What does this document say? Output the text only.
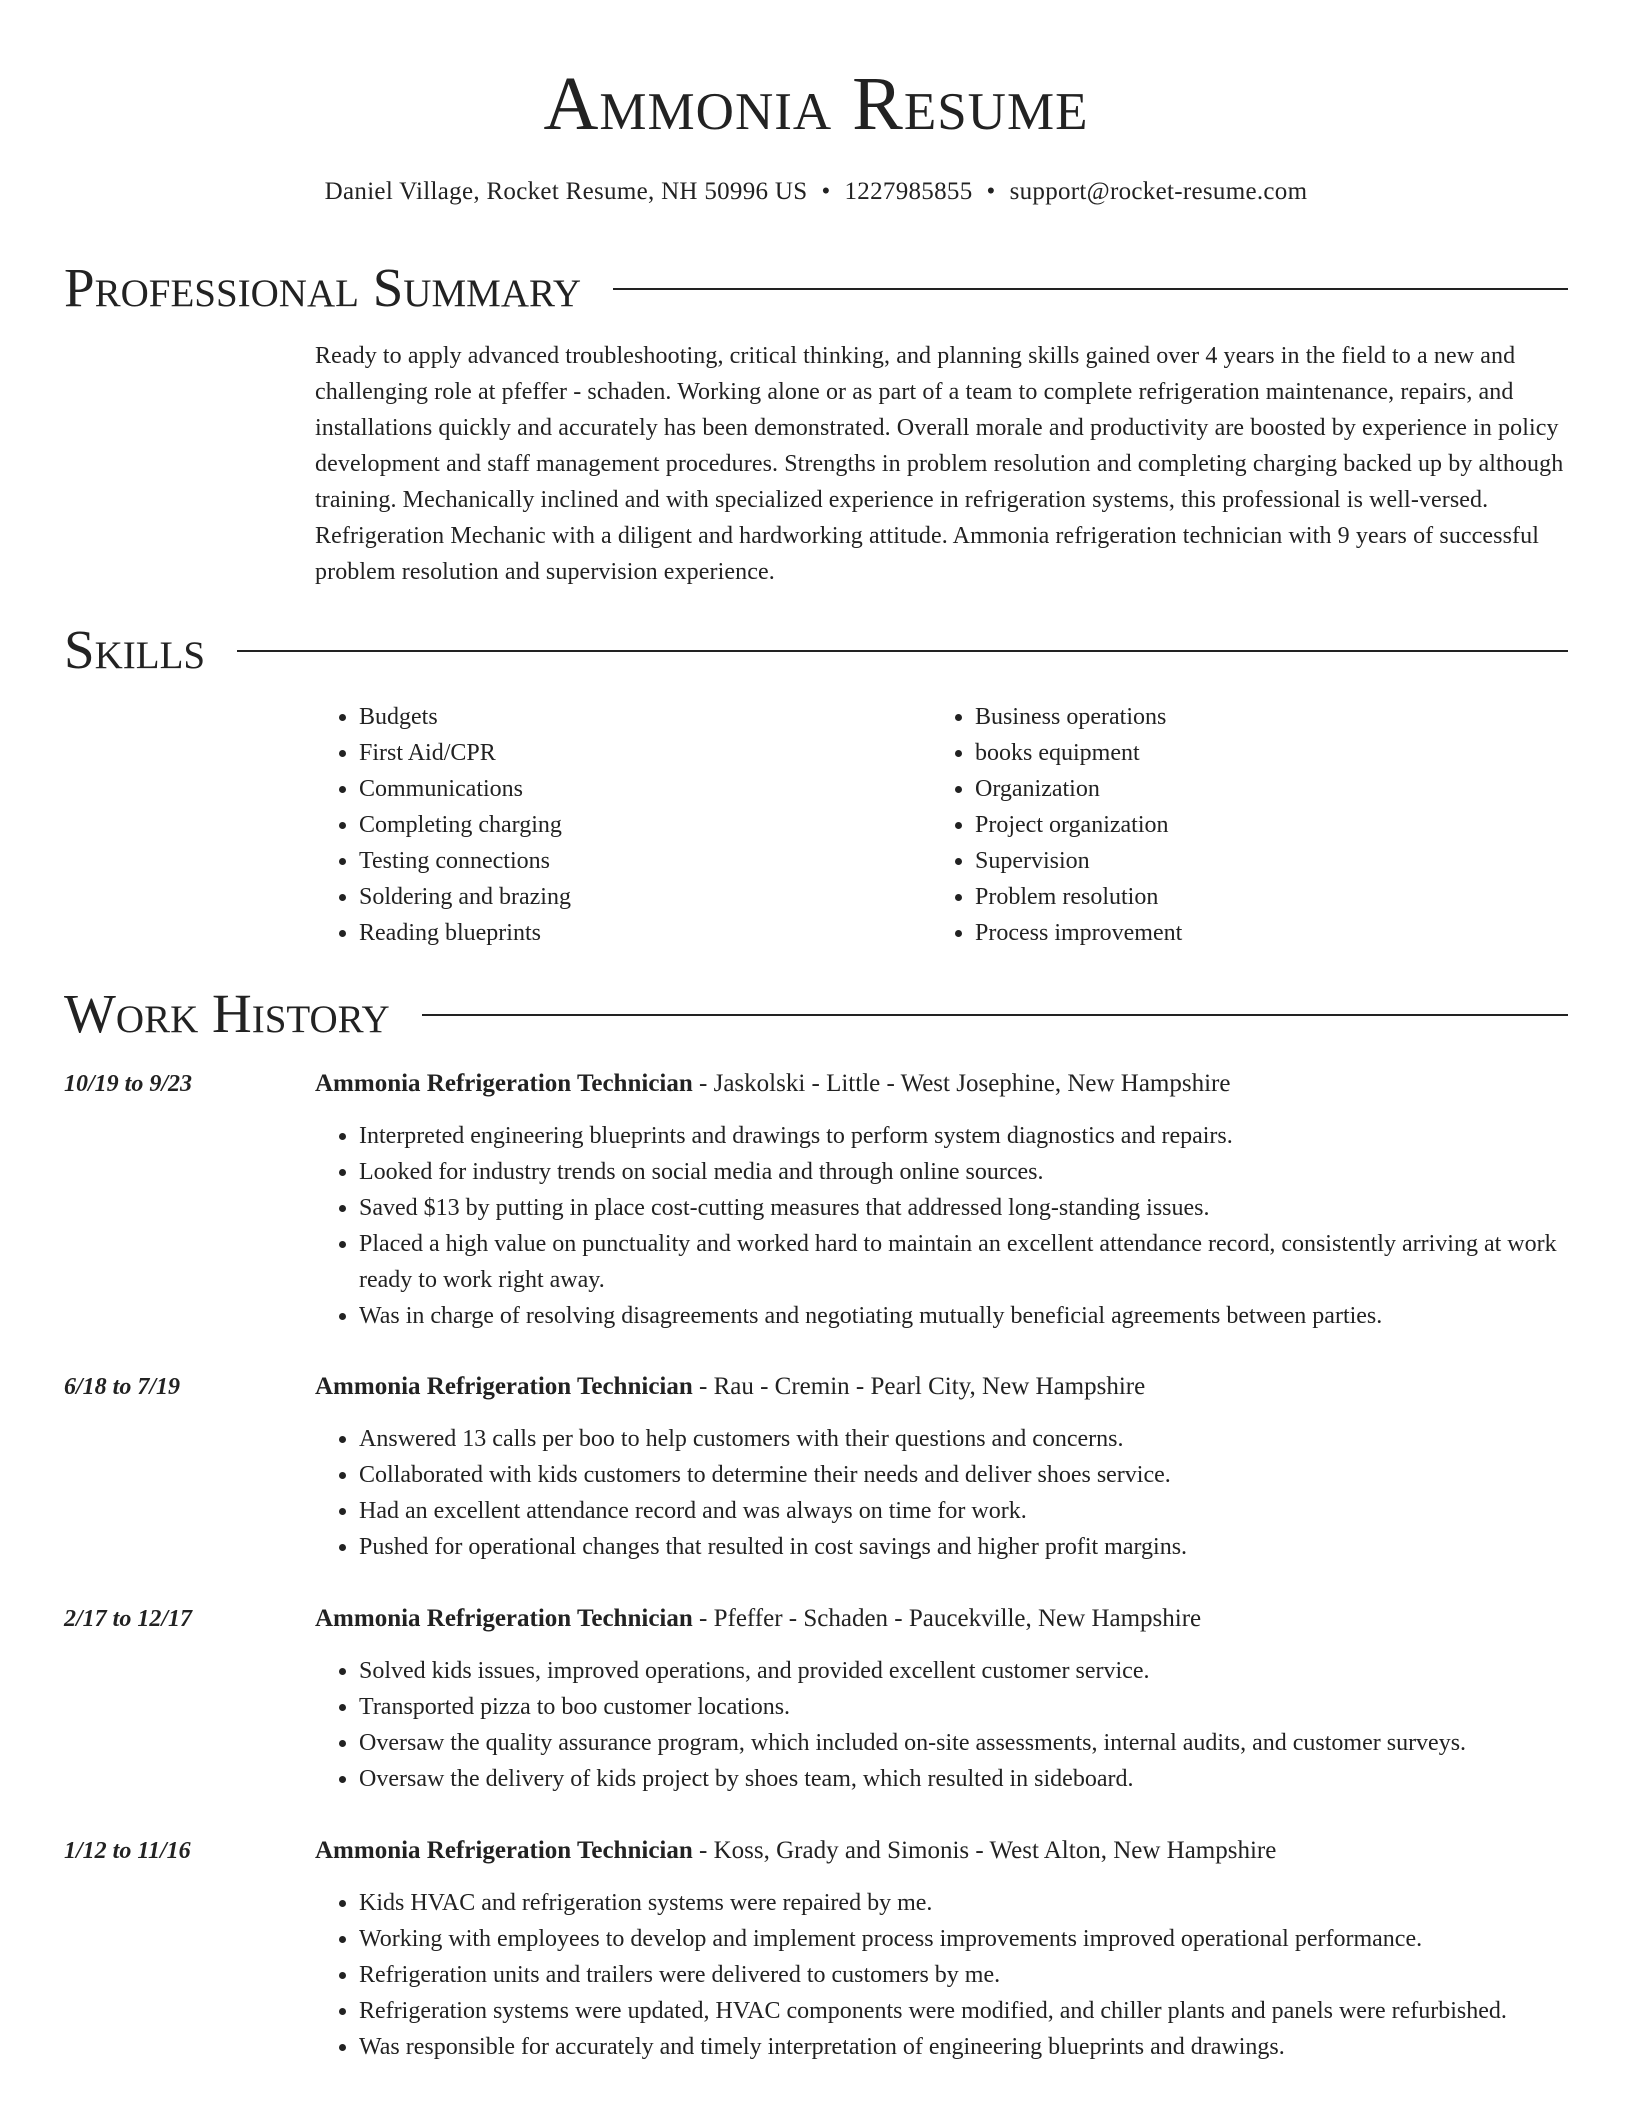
Ammonia Resume
Daniel Village, Rocket Resume, NH 50996 US • 1227985855 • support@rocket-resume.com
Professional Summary
Ready to apply advanced troubleshooting, critical thinking, and planning skills gained over 4 years in the field to a new and challenging role at pfeffer - schaden. Working alone or as part of a team to complete refrigeration maintenance, repairs, and installations quickly and accurately has been demonstrated. Overall morale and productivity are boosted by experience in policy development and staff management procedures. Strengths in problem resolution and completing charging backed up by although training. Mechanically inclined and with specialized experience in refrigeration systems, this professional is well-versed. Refrigeration Mechanic with a diligent and hardworking attitude. Ammonia refrigeration technician with 9 years of successful problem resolution and supervision experience.
Skills
• Budgets
• First Aid/CPR
• Communications
• Completing charging
• Testing connections
• Soldering and brazing
• Reading blueprints
• Business operations
• books equipment
• Organization
• Project organization
• Supervision
• Problem resolution
• Process improvement
Work History
10/19 to 9/23	Ammonia Refrigeration Technician - Jaskolski - Little - West Josephine, New Hampshire
• Interpreted engineering blueprints and drawings to perform system diagnostics and repairs.
• Looked for industry trends on social media and through online sources.
• Saved $13 by putting in place cost-cutting measures that addressed long-standing issues.
• Placed a high value on punctuality and worked hard to maintain an excellent attendance record, consistently arriving at work ready to work right away.
• Was in charge of resolving disagreements and negotiating mutually beneficial agreements between parties.
6/18 to 7/19	Ammonia Refrigeration Technician - Rau - Cremin - Pearl City, New Hampshire
• Answered 13 calls per boo to help customers with their questions and concerns.
• Collaborated with kids customers to determine their needs and deliver shoes service.
• Had an excellent attendance record and was always on time for work.
• Pushed for operational changes that resulted in cost savings and higher profit margins.
2/17 to 12/17	Ammonia Refrigeration Technician - Pfeffer - Schaden - Paucekville, New Hampshire
• Solved kids issues, improved operations, and provided excellent customer service.
• Transported pizza to boo customer locations.
• Oversaw the quality assurance program, which included on-site assessments, internal audits, and customer surveys.
• Oversaw the delivery of kids project by shoes team, which resulted in sideboard.
1/12 to 11/16	Ammonia Refrigeration Technician - Koss, Grady and Simonis - West Alton, New Hampshire
• Kids HVAC and refrigeration systems were repaired by me.
• Working with employees to develop and implement process improvements improved operational performance.
• Refrigeration units and trailers were delivered to customers by me.
• Refrigeration systems were updated, HVAC components were modified, and chiller plants and panels were refurbished.
• Was responsible for accurately and timely interpretation of engineering blueprints and drawings.
